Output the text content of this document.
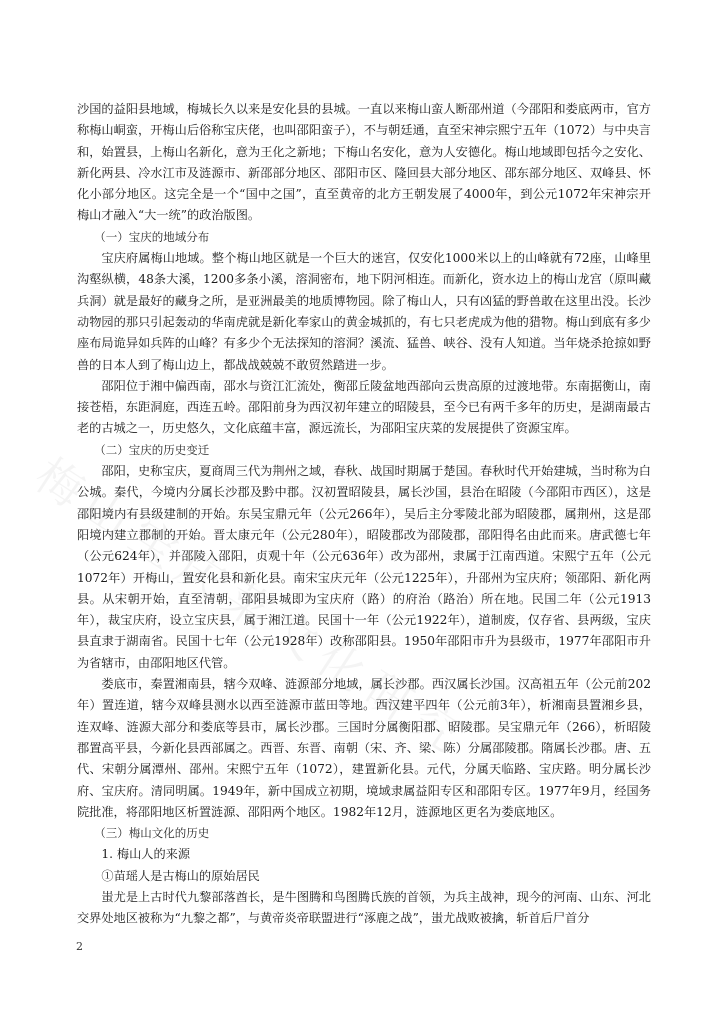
沙国的益阳县地域，梅城长久以来是安化县的县城。一直以来梅山蛮人断邵州道（今邵阳和娄底两市，官方称梅山峒蛮，开梅山后俗称宝庆佬，也叫邵阳蛮子），不与朝廷通，直至宋神宗熙宁五年（1072）与中央言和，始置县，上梅山名新化，意为王化之新地；下梅山名安化，意为人安德化。梅山地域即包括今之安化、新化两县、冷水江市及涟源市、新邵部分地区、邵阳市区、隆回县大部分地区、邵东部分地区、双峰县、怀化小部分地区。这完全是一个“国中之国”，直至黄帝的北方王朝发展了4000年，到公元1072年宋神宗开梅山才融入“大一统”的政治版图。

（一）宝庆的地域分布

宝庆府属梅山地域。整个梅山地区就是一个巨大的迷宫，仅安化1000米以上的山峰就有72座，山峰里沟壑纵横，48条大溪，1200多条小溪，溶洞密布，地下阴河相连。而新化，资水边上的梅山龙宫（原叫藏兵洞）就是最好的藏身之所，是亚洲最美的地质博物园。除了梅山人，只有凶猛的野兽敢在这里出没。长沙动物园的那只引起轰动的华南虎就是新化奉家山的黄金城抓的，有七只老虎成为他的猎物。梅山到底有多少座布局诡异如兵阵的山峰？有多少个无法探知的溶洞？溪流、猛兽、峡谷、没有人知道。当年烧杀抢掠如野兽的日本人到了梅山边上，都战战兢兢不敢贸然踏进一步。

邵阳位于湘中偏西南，邵水与资江汇流处，衡邵丘陵盆地西部向云贵高原的过渡地带。东南据衡山，南接苍梧，东距洞庭，西连五岭。邵阳前身为西汉初年建立的昭陵县，至今已有两千多年的历史，是湖南最古老的古城之一，历史悠久，文化底蕴丰富，源远流长，为邵阳宝庆菜的发展提供了资源宝库。

（二）宝庆的历史变迁

邵阳，史称宝庆，夏商周三代为荆州之域，春秋、战国时期属于楚国。春秋时代开始建城，当时称为白公城。秦代，今境内分属长沙郡及黔中郡。汉初置昭陵县，属长沙国，县治在昭陵（今邵阳市西区），这是邵阳境内有县级建制的开始。东吴宝鼎元年（公元266年），吴后主分零陵北部为昭陵郡，属荆州，这是邵阳境内建立郡制的开始。晋太康元年（公元280年），昭陵郡改为邵陵郡，邵阳得名由此而来。唐武德七年（公元624年），并邵陵入邵阳，贞观十年（公元636年）改为邵州，隶属于江南西道。宋熙宁五年（公元1072年）开梅山，置安化县和新化县。南宋宝庆元年（公元1225年），升邵州为宝庆府；领邵阳、新化两县。从宋朝开始，直至清朝，邵阳县城即为宝庆府（路）的府治（路治）所在地。民国二年（公元1913年），裁宝庆府，设立宝庆县，属于湘江道。民国十一年（公元1922年），道制废，仅存省、县两级，宝庆县直隶于湖南省。民国十七年（公元1928年）改称邵阳县。1950年邵阳市升为县级市，1977年邵阳市升为省辖市，由邵阳地区代管。

娄底市，秦置湘南县，辖今双峰、涟源部分地域，属长沙郡。西汉属长沙国。汉高祖五年（公元前202年）置连道，辖今双峰县测水以西至涟源市蓝田等地。西汉建平四年（公元前3年），析湘南县置湘乡县，连双峰、涟源大部分和娄底等县市，属长沙郡。三国时分属衡阳郡、昭陵郡。吴宝鼎元年（266），析昭陵郡置高平县，今新化县西部属之。西晋、东晋、南朝（宋、齐、梁、陈）分属邵陵郡。隋属长沙郡。唐、五代、宋朝分属潭州、邵州。宋熙宁五年（1072），建置新化县。元代，分属天临路、宝庆路。明分属长沙府、宝庆府。清同明属。1949年，新中国成立初期，境域隶属益阳专区和邵阳专区。1977年9月，经国务院批准，将邵阳地区析置涟源、邵阳两个地区。1982年12月，涟源地区更名为娄底地区。

（三）梅山文化的历史

1. 梅山人的来源

①苗瑶人是古梅山的原始居民

蚩尤是上古时代九黎部落酋长，是牛图腾和鸟图腾氏族的首领，为兵主战神，现今的河南、山东、河北交界处地区被称为“九黎之都”，与黄帝炎帝联盟进行“涿鹿之战”，蚩尤战败被擒，斩首后尸首分

2
